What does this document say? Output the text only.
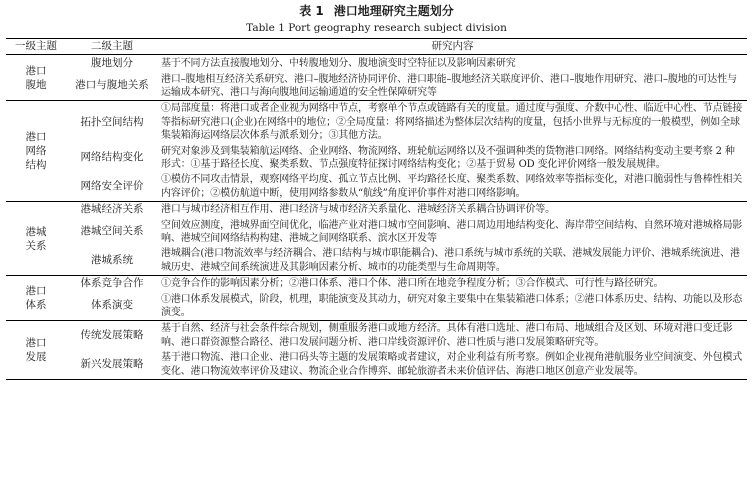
表 1 港口地理研究主题划分
Table 1 Port geography research subject division
一级主题	二级主题	研究内容
港口腹地	腹地划分	基于不同方法直接腹地划分、中转腹地划分、腹地演变时空特征以及影响因素研究
	港口与腹地关系	港口–腹地相互经济关系研究、港口–腹地经济协同评价、港口职能–腹地经济关联度评价、港口–腹地作用研究、港口–腹地的可达性与运输成本研究、港口与海向腹地间运输通道的安全性保障研究等
港口网络结构	拓扑空间结构	①局部度量：将港口或者企业视为网络中节点，考察单个节点或链路有关的度量。通过度与强度、介数中心性、临近中心性、节点链接等指标研究港口(企业)在网络中的地位；②全局度量：将网络描述为整体层次结构的度量，包括小世界与无标度的一般模型，例如全球集装箱海运网络层次体系与派系划分；③其他方法。
	网络结构变化	研究对象涉及到集装箱航运网络、企业网络、物流网络、班轮航运网络以及不强调种类的货物港口网络。网络结构变动主要考察 2 种形式：①基于路径长度、聚类系数、节点强度特征探讨网络结构变化；②基于贸易 OD 变化评价网络一般发展规律。
	网络安全评价	①模仿不同攻击情景，观察网络平均度、孤立节点比例、平均路径长度、聚类系数、网络效率等指标变化，对港口脆弱性与鲁棒性相关内容评价；②模仿航道中断，使用网络参数从“航线”角度评价事件对港口网络影响。
港城关系	港城经济关系	港口与城市经济相互作用、港口经济与城市经济关系量化、港城经济关系耦合协调评价等。
	港城空间关系	空间效应测度，港城界面空间优化，临港产业对港口城市空间影响、港口周边用地结构变化、海岸带空间结构、自然环境对港城格局影响、港城空间网络结构构建、港城之间网络联系、滨水区开发等
	港城系统	港城耦合(港口物流效率与经济耦合、港口结构与城市职能耦合)、港口系统与城市系统的关联、港城发展能力评价、港城系统演进、港城历史、港城空间系统演进及其影响因素分析、城市的功能类型与生命周期等。
港口体系	体系竞争合作	①竞争合作的影响因素分析；②港口体系、港口个体、港口所在地竞争程度分析；③合作模式、可行性与路径研究。
	体系演变	①港口体系发展模式，阶段，机理，职能演变及其动力，研究对象主要集中在集装箱港口体系；②港口体系历史、结构、功能以及形态演变。
港口发展	传统发展策略	基于自然、经济与社会条件综合规划，侧重服务港口或地方经济。具体有港口选址、港口布局、地域组合及区划、环境对港口变迁影响、港口群资源整合路径、港口发展问题分析、港口岸线资源评价、港口性质与港口发展策略研究等。
	新兴发展策略	基于港口物流、港口企业、港口码头等主题的发展策略或者建议，对企业利益有所考察。例如企业视角港航服务业空间演变、外包模式变化、港口物流效率评价及建议、物流企业合作博弈、邮轮旅游者未来价值评估、海港口地区创意产业发展等。
